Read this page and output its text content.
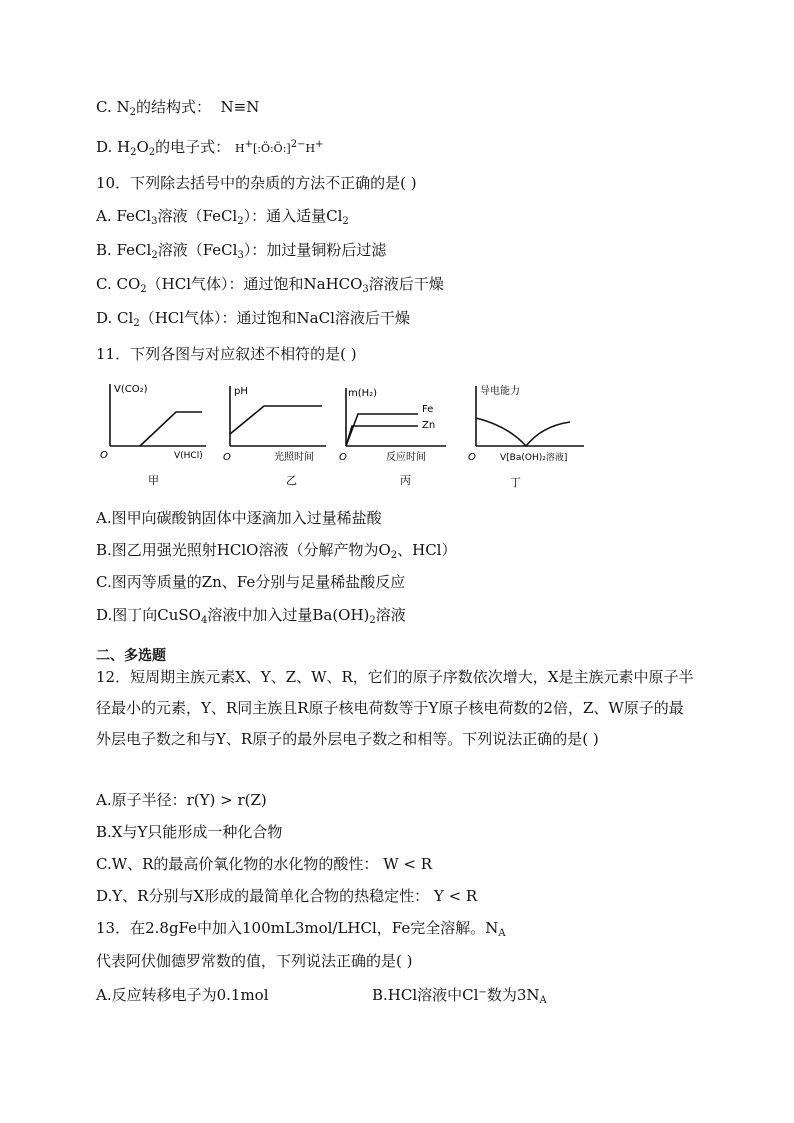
C. $N_2$的结构式： N≡N
D. $H_2O_2$的电子式： H+[:Ö:Ö:]$^{2-}$H+
10．下列除去括号中的杂质的方法不正确的是( )
A. FeCl$_3$溶液（FeCl$_2$）：通入适量$Cl_2$
B. FeCl$_2$溶液（FeCl$_3$）：加过量铜粉后过滤
C. $CO_2(HCl$气体）：通过饱和NaHCO$_3$溶液后干燥
D. $Cl_2(HCl$气体）：通过饱和NaCl溶液后干燥
11．下列各图与对应叙述不相符的是( )
V(CO₂)
O	V(HCl)
甲
pH
O	光照时间
乙
m(H₂)
Fe
Zn
O	反应时间
丙
导电能力
O	V[Ba(OH)₂溶液]
丁
A.图甲向碳酸钠固体中逐滴加入过量稀盐酸
B.图乙用强光照射HClO溶液（分解产物为$O_2$、HCl）
C.图丙等质量的Zn、Fe分别与足量稀盐酸反应
D.图丁向CuSO$_4$溶液中加入过量$Ba(OH)_2$溶液
二、多选题
12．短周期主族元素X、Y、Z、W、R，它们的原子序数依次增大，X是主族元素中原子半径最小的元素，Y、R同主族且R原子核电荷数等于Y原子核电荷数的2倍，Z、W原子的最外层电子数之和与Y、R原子的最外层电子数之和相等。下列说法正确的是( )
A.原子半径：r(Y) > r(Z)
B.X与Y只能形成一种化合物
C.W、R的最高价氧化物的水化物的酸性： W < R
D.Y、R分别与X形成的最简单化合物的热稳定性： Y < R
13．在2.8gFe中加入100mL3mol/LHCl，Fe完全溶解。$N_A$
代表阿伏伽德罗常数的值，下列说法正确的是( )
A.反应转移电子为0.1mol	B.HCl溶液中Cl−数为$3N_A$
